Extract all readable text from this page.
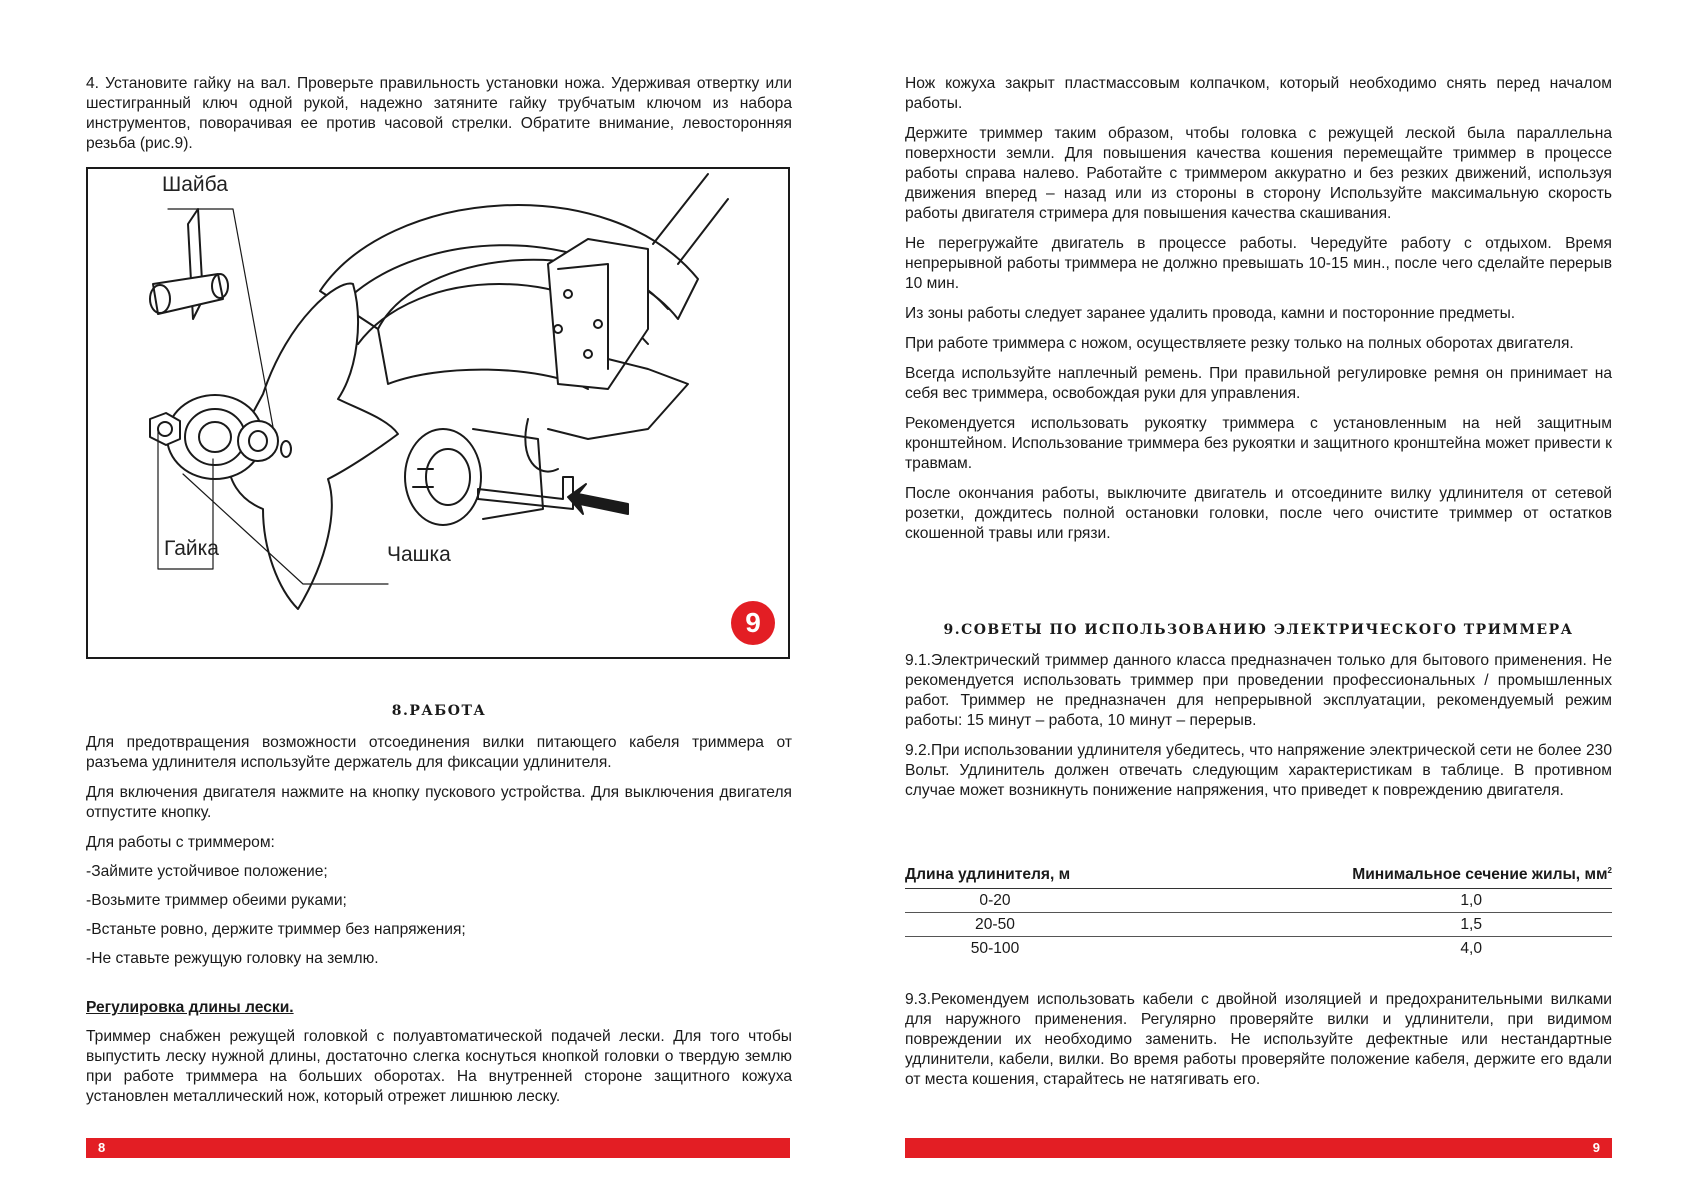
4. Установите гайку на вал. Проверьте правильность установки ножа. Удерживая отвертку или шестигранный ключ одной рукой, надежно затяните гайку трубчатым ключом из набора инструментов, поворачивая ее против часовой стрелки. Обратите внимание, левосторонняя резьба (рис.9).

Шайба
Гайка	Чашка
9
8.РАБОТА

Для предотвращения возможности отсоединения вилки питающего кабеля триммера от разъема удлинителя используйте держатель для фиксации удлинителя.

Для включения двигателя нажмите на кнопку пускового устройства. Для выключения двигателя отпустите кнопку.

Для работы с триммером:

-Займите устойчивое положение;

-Возьмите триммер обеими руками;

-Встаньте ровно, держите триммер без напряжения;

-Не ставьте режущую головку на землю.

Регулировка длины лески.

Триммер снабжен режущей головкой с полуавтоматической подачей лески. Для того чтобы выпустить леску нужной длины, достаточно слегка коснуться кнопкой головки о твердую землю при работе триммера на больших оборотах. На внутренней стороне защитного кожуха установлен металлический нож, который отрежет лишнюю леску.

8

Нож кожуха закрыт пластмассовым колпачком, который необходимо снять перед началом работы.

Держите триммер таким образом, чтобы головка с режущей леской была параллельна поверхности земли. Для повышения качества кошения перемещайте триммер в процессе работы справа налево. Работайте с триммером аккуратно и без резких движений, используя движения вперед – назад или из стороны в сторону Используйте максимальную скорость работы двигателя стримера для повышения качества скашивания.

Не перегружайте двигатель в процессе работы. Чередуйте работу с отдыхом. Время непрерывной работы триммера не должно превышать 10-15 мин., после чего сделайте перерыв 10 мин.

Из зоны работы следует заранее удалить провода, камни и посторонние предметы.

При работе триммера с ножом, осуществляете резку только на полных оборотах двигателя.

Всегда используйте наплечный ремень. При правильной регулировке ремня он принимает на себя вес триммера, освобождая руки для управления.

Рекомендуется использовать рукоятку триммера с установленным на ней защитным кронштейном. Использование триммера без рукоятки и защитного кронштейна может привести к травмам.

После окончания работы, выключите двигатель и отсоедините вилку удлинителя от сетевой розетки, дождитесь полной остановки головки, после чего очистите триммер от остатков скошенной травы или грязи.

9.СОВЕТЫ ПО ИСПОЛЬЗОВАНИЮ ЭЛЕКТРИЧЕСКОГО ТРИММЕРА

9.1.Электрический триммер данного класса предназначен только для бытового применения. Не рекомендуется использовать триммер при проведении профессиональных / промышленных работ. Триммер не предназначен для непрерывной эксплуатации, рекомендуемый режим работы: 15 минут – работа, 10 минут – перерыв.

9.2.При использовании удлинителя убедитесь, что напряжение электрической сети не более 230 Вольт. Удлинитель должен отвечать следующим характеристикам в таблице. В противном случае может возникнуть понижение напряжения, что приведет к повреждению двигателя.

Длина удлинителя, м	Минимальное сечение жилы, $мм^2$
0-20	1,0
20-50	1,5
50-100	4,0

9.3.Рекомендуем использовать кабели с двойной изоляцией и предохранительными вилками для наружного применения. Регулярно проверяйте вилки и удлинители, при видимом повреждении их необходимо заменить. Не используйте дефектные или нестандартные удлинители, кабели, вилки. Во время работы проверяйте положение кабеля, держите его вдали от места кошения, старайтесь не натягивать его.

9
